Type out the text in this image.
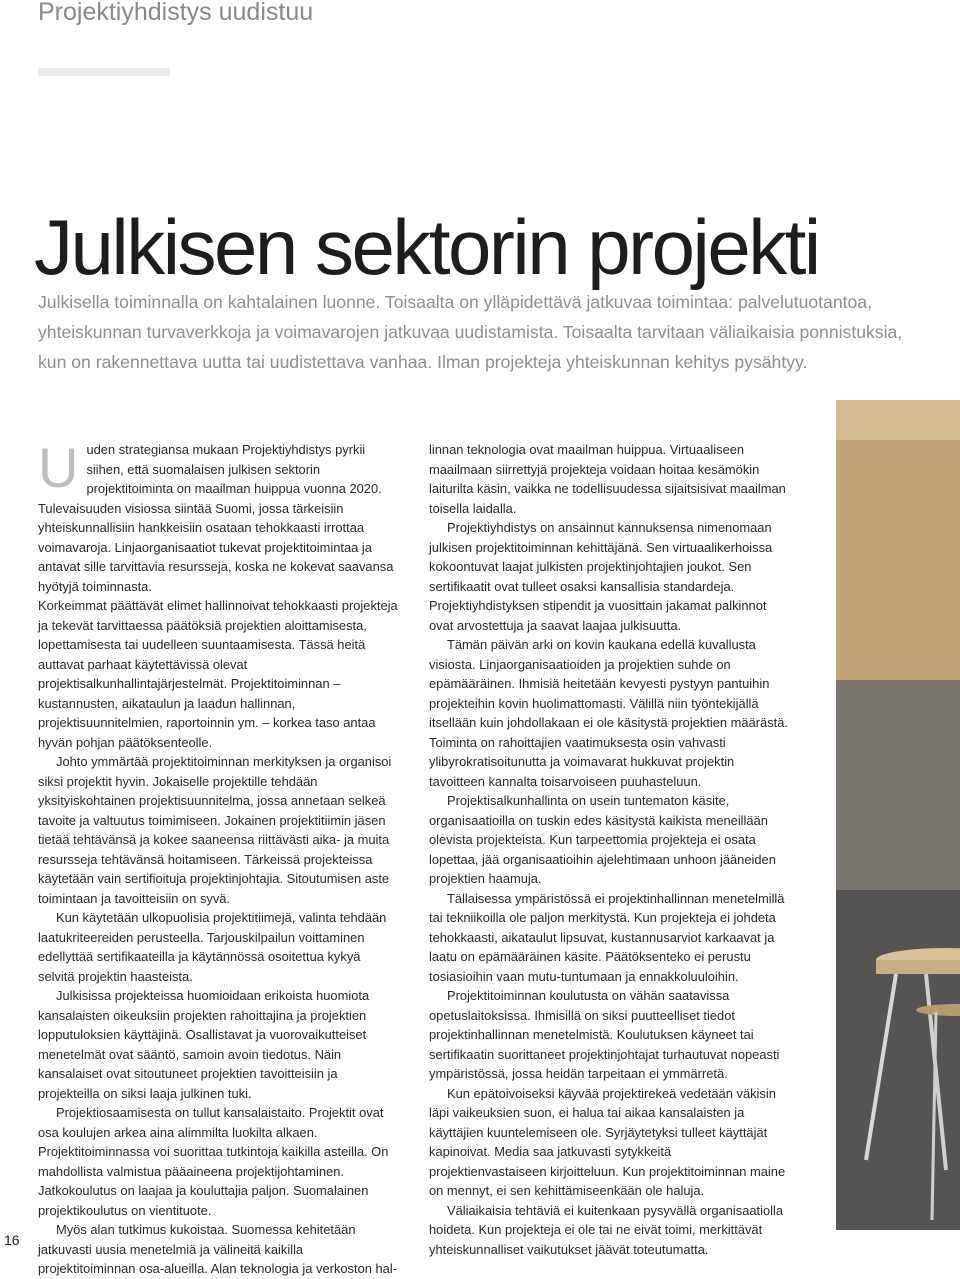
Projektiyhdistys uudistuu
Julkisen sektorin projekti
Julkisella toiminnalla on kahtalainen luonne. Toisaalta on ylläpidettävä jatkuvaa toimintaa: palvelutuotantoa, yhteiskunnan turvaverkkoja ja voimavarojen jatkuvaa uudistamista. Toisaalta tarvitaan väliaikaisia ponnistuksia, kun on rakennettava uutta tai uudistettava vanhaa. Ilman projekteja yhteiskunnan kehitys pysähtyy.

Uuden strategiansa mukaan Projektiyhdistys pyrkii siihen, että suomalaisen julkisen sektorin projektitoiminta on maailman huippua vuonna 2020. Tulevaisuuden visiossa siintää Suomi, jossa tärkeisiin yhteiskunnallisiin hankkeisiin osataan tehokkaasti irrottaa voimavaroja. Linjaorganisaatiot tukevat projektitoimintaa ja antavat sille tarvittavia resursseja, koska ne kokevat saavansa hyötyjä toiminnasta.

Korkeimmat päättävät elimet hallinnoivat tehokkaasti projekteja ja tekevät tarvittaessa päätöksiä projektien aloittamisesta, lopettamisesta tai uudelleen suuntaamisesta. Tässä heitä auttavat parhaat käytettävissä olevat projektisalkunhallintajärjestelmät. Projektitoiminnan – kustannusten, aikataulun ja laadun hallinnan, projektisuunnitelmien, raportoinnin ym. – korkea taso antaa hyvän pohjan päätöksenteolle.

Johto ymmärtää projektitoiminnan merkityksen ja organisoi siksi projektit hyvin. Jokaiselle projektille tehdään yksityiskohtainen projektisuunnitelma, jossa annetaan selkeä tavoite ja valtuutus toimimiseen. Jokainen projektitiimin jäsen tietää tehtävänsä ja kokee saaneensa riittävästi aika- ja muita resursseja tehtävänsä hoitamiseen. Tärkeissä projekteissa käytetään vain sertifioituja projektinjohtajia. Sitoutumisen aste toimintaan ja tavoitteisiin on syvä.

Kun käytetään ulkopuolisia projektitiimejä, valinta tehdään laatukriteereiden perusteella. Tarjouskilpailun voittaminen edellyttää sertifikaateilla ja käytännössä osoitettua kykyä selvitä projektin haasteista.

Julkisissa projekteissa huomioidaan erikoista huomiota kansalaisten oikeuksiin projekten rahoittajina ja projektien lopputuloksien käyttäjinä. Osallistavat ja vuorovaikutteiset menetelmät ovat sääntö, samoin avoin tiedotus. Näin kansalaiset ovat sitoutuneet projektien tavoitteisiin ja projekteilla on siksi laaja julkinen tuki.

Projektiosaamisesta on tullut kansalaistaito. Projektit ovat osa koulujen arkea aina alimmilta luokilta alkaen. Projektitoiminnassa voi suorittaa tutkintoja kaikilla asteilla. On mahdollista valmistua pääaineena projektijohtaminen. Jatkokoulutus on laajaa ja kouluttajia paljon. Suomalainen projektikoulutus on vientituote.

Myös alan tutkimus kukoistaa. Suomessa kehitetään jatkuvasti uusia menetelmiä ja välineitä kaikilla projektitoiminnan osa-alueilla. Alan teknologia ja verkoston hal-

linnan teknologia ovat maailman huippua. Virtuaaliseen maailmaan siirrettyjä projekteja voidaan hoitaa kesämökin laiturilta käsin, vaikka ne todellisuudessa sijaitsisivat maailman toisella laidalla.

Projektiyhdistys on ansainnut kannuksensa nimenomaan julkisen projektitoiminnan kehittäjänä. Sen virtuaalikerhoissa kokoontuvat laajat julkisten projektinjohtajien joukot. Sen sertifikaatit ovat tulleet osaksi kansallisia standardeja. Projektiyhdistyksen stipendit ja vuosittain jakamat palkinnot ovat arvostettuja ja saavat laajaa julkisuutta.

Tämän päivän arki on kovin kaukana edellä kuvallusta visiosta. Linjaorganisaatioiden ja projektien suhde on epämääräinen. Ihmisiä heitetään kevyesti pystyyn pantuihin projekteihin kovin huolimattomasti. Välillä niin työntekijällä itsellään kuin johdollakaan ei ole käsitystä projektien määrästä. Toiminta on rahoittajien vaatimuksesta osin vahvasti ylibyrokratisoitunutta ja voimavarat hukkuvat projektin tavoitteen kannalta toisarvoiseen puuhasteluun.

Projektisalkunhallinta on usein tuntematon käsite, organisaatioilla on tuskin edes käsitystä kaikista meneillään olevista projekteista. Kun tarpeettomia projekteja ei osata lopettaa, jää organisaatioihin ajelehtimaan unhoon jääneiden projektien haamuja.

Tällaisessa ympäristössä ei projektinhallinnan menetelmillä tai tekniikoilla ole paljon merkitystä. Kun projekteja ei johdeta tehokkaasti, aikataulut lipsuvat, kustannusarviot karkaavat ja laatu on epämääräinen käsite. Päätöksenteko ei perustu tosiasioihin vaan mutu-tuntumaan ja ennakkoluuloihin.

Projektitoiminnan koulutusta on vähän saatavissa opetuslaitoksissa. Ihmisillä on siksi puutteelliset tiedot projektinhallinnan menetelmistä. Koulutuksen käyneet tai sertifikaatin suorittaneet projektinjohtajat turhautuvat nopeasti ympäristössä, jossa heidän tarpeitaan ei ymmärretä.

Kun epätoivoiseksi käyvää projektirekeä vedetään väkisin läpi vaikeuksien suon, ei halua tai aikaa kansalaisten ja käyttäjien kuuntelemiseen ole. Syrjäytetyksi tulleet käyttäjät kapinoivat. Media saa jatkuvasti sytykkeitä projektienvastaiseen kirjoitteluun. Kun projektitoiminnan maine on mennyt, ei sen kehittämiseenkään ole haluja.

Väliaikaisia tehtäviä ei kuitenkaan pysyvällä organisaatiolla hoideta. Kun projekteja ei ole tai ne eivät toimi, merkittävät yhteiskunnalliset vaikutukset jäävät toteutumatta.

16
